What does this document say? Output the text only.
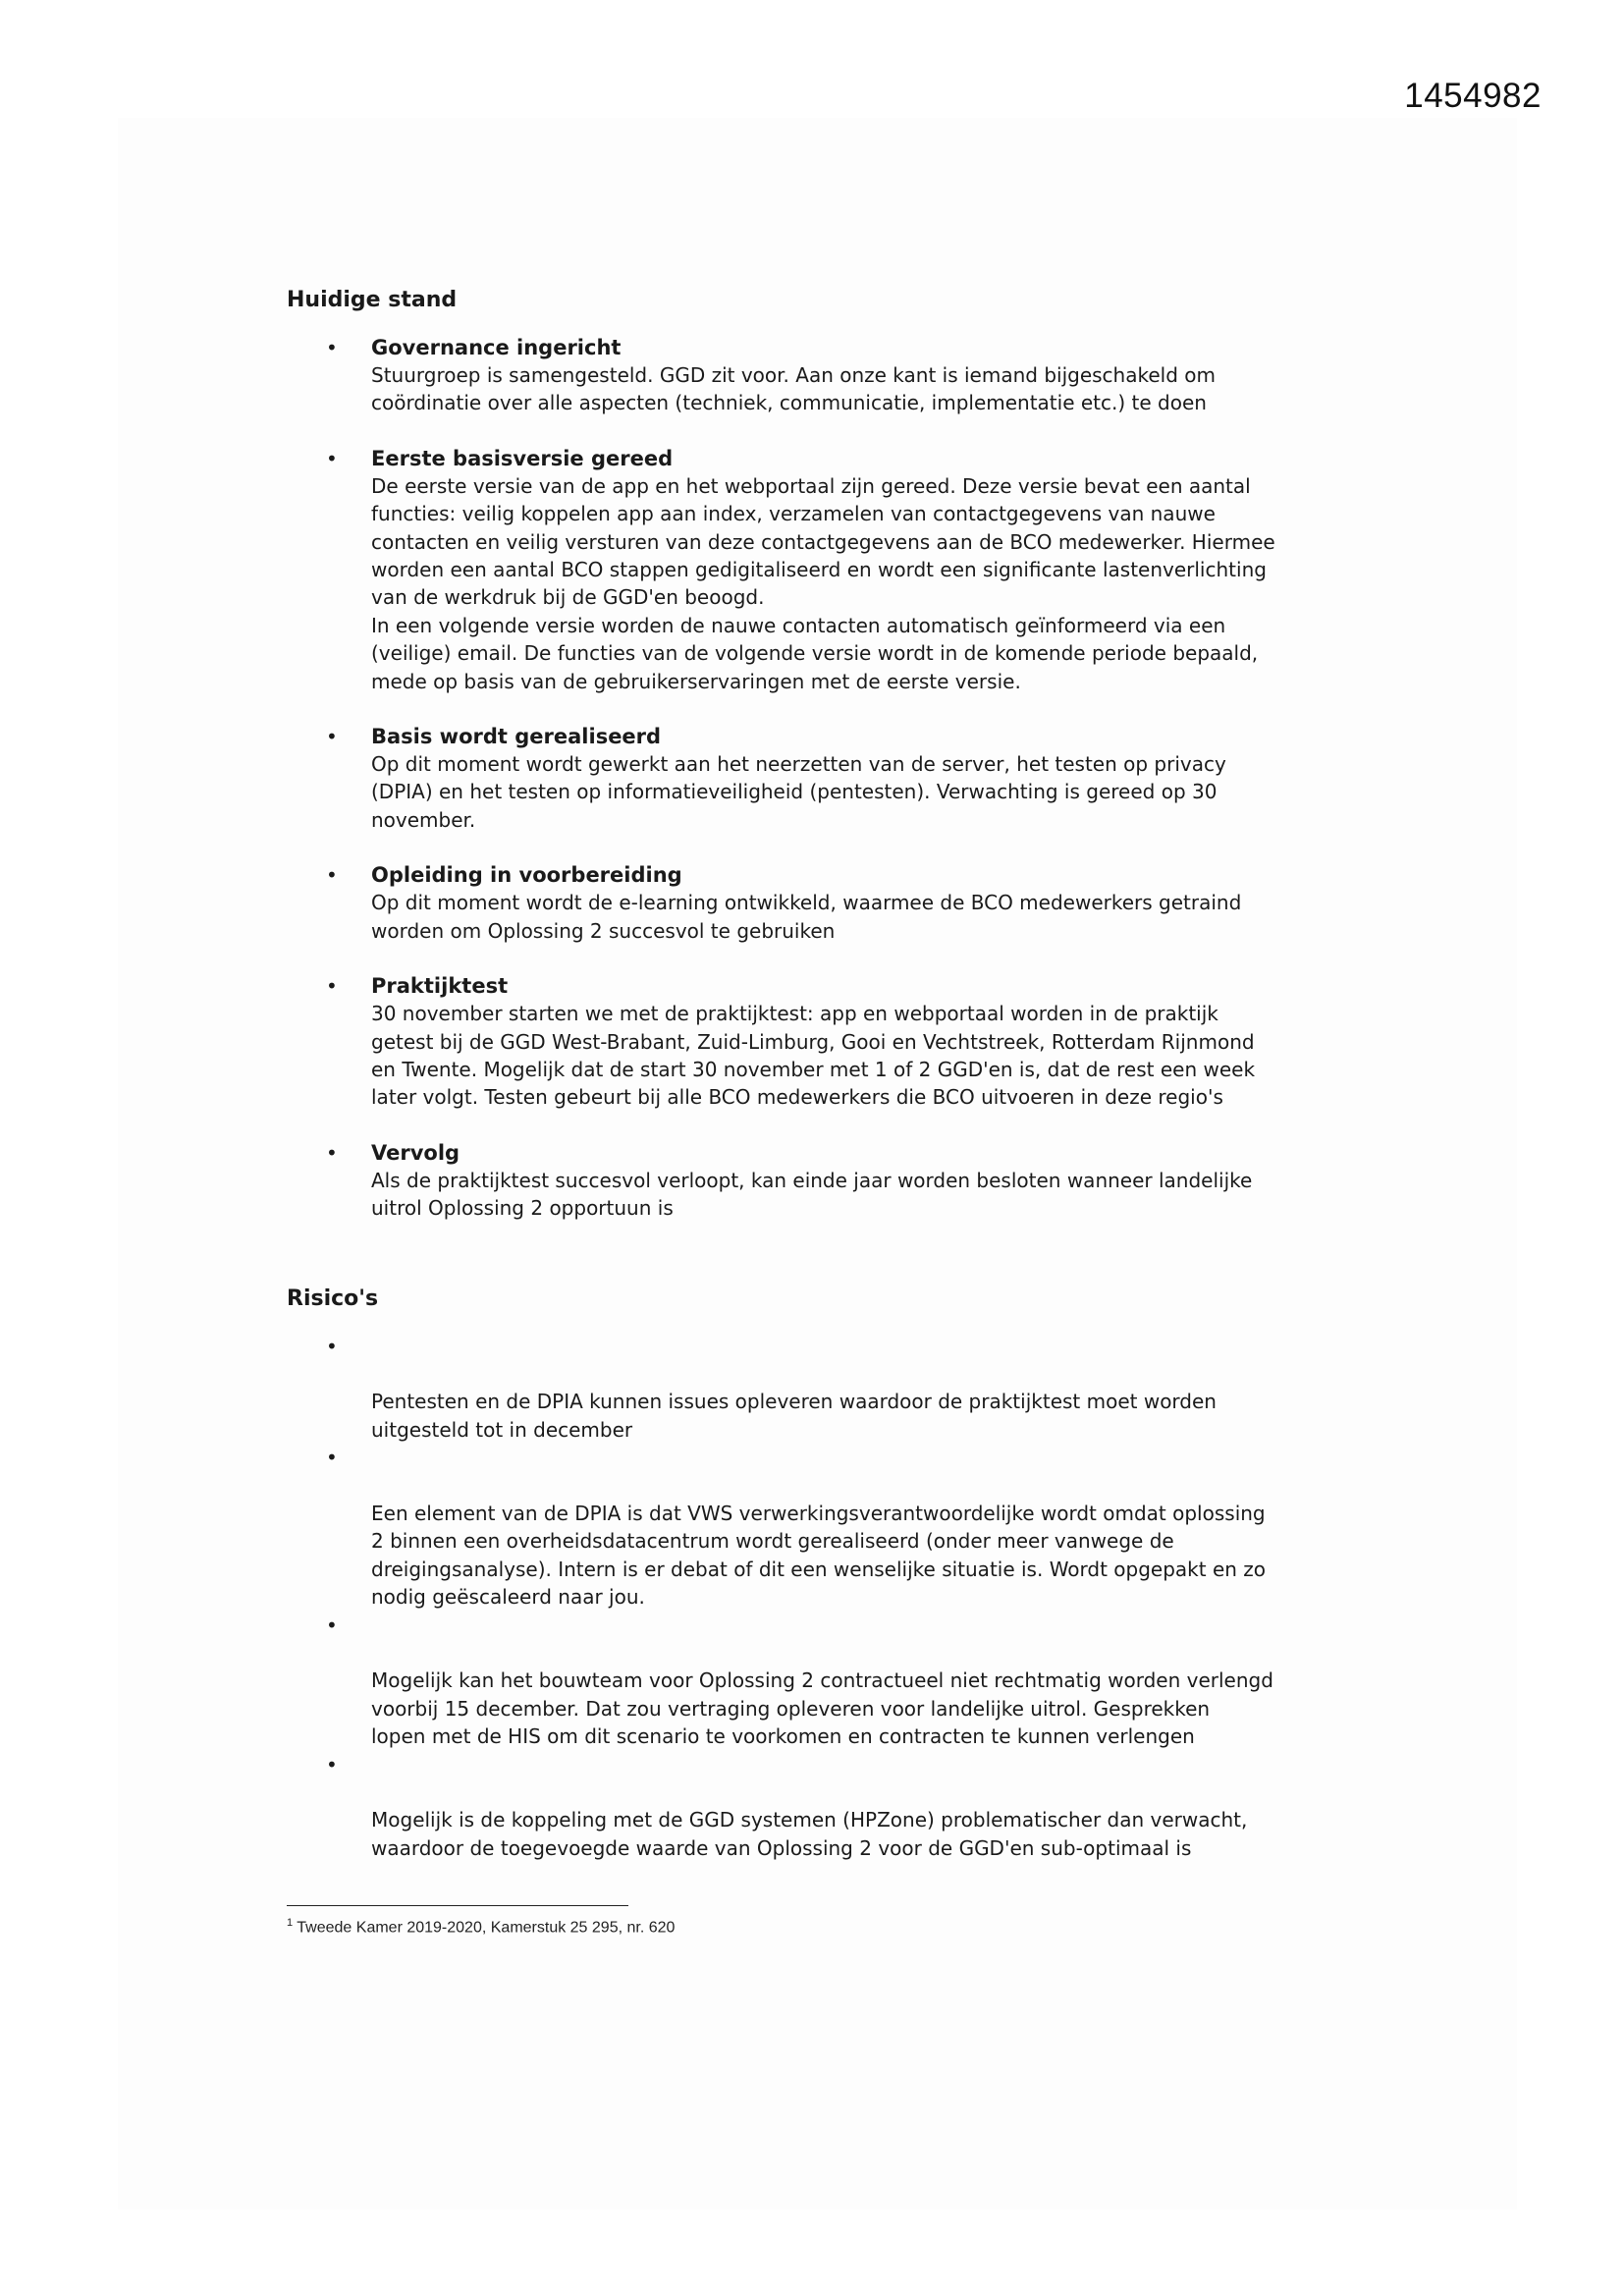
1454982
Huidige stand
• Governance ingericht
Stuurgroep is samengesteld. GGD zit voor. Aan onze kant is iemand bijgeschakeld om
coördinatie over alle aspecten (techniek, communicatie, implementatie etc.) te doen
• Eerste basisversie gereed
De eerste versie van de app en het webportaal zijn gereed. Deze versie bevat een aantal
functies: veilig koppelen app aan index, verzamelen van contactgegevens van nauwe
contacten en veilig versturen van deze contactgegevens aan de BCO medewerker. Hiermee
worden een aantal BCO stappen gedigitaliseerd en wordt een significante lastenverlichting
van de werkdruk bij de GGD'en beoogd.
In een volgende versie worden de nauwe contacten automatisch geïnformeerd via een
(veilige) email. De functies van de volgende versie wordt in de komende periode bepaald,
mede op basis van de gebruikerservaringen met de eerste versie.
• Basis wordt gerealiseerd
Op dit moment wordt gewerkt aan het neerzetten van de server, het testen op privacy
(DPIA) en het testen op informatieveiligheid (pentesten). Verwachting is gereed op 30
november.
• Opleiding in voorbereiding
Op dit moment wordt de e-learning ontwikkeld, waarmee de BCO medewerkers getraind
worden om Oplossing 2 succesvol te gebruiken
• Praktijktest
30 november starten we met de praktijktest: app en webportaal worden in de praktijk
getest bij de GGD West-Brabant, Zuid-Limburg, Gooi en Vechtstreek, Rotterdam Rijnmond
en Twente. Mogelijk dat de start 30 november met 1 of 2 GGD'en is, dat de rest een week
later volgt. Testen gebeurt bij alle BCO medewerkers die BCO uitvoeren in deze regio's
• Vervolg
Als de praktijktest succesvol verloopt, kan einde jaar worden besloten wanneer landelijke
uitrol Oplossing 2 opportuun is
Risico's

•

Pentesten en de DPIA kunnen issues opleveren waardoor de praktijktest moet worden
uitgesteld tot in december

•

Een element van de DPIA is dat VWS verwerkingsverantwoordelijke wordt omdat oplossing
2 binnen een overheidsdatacentrum wordt gerealiseerd (onder meer vanwege de
dreigingsanalyse). Intern is er debat of dit een wenselijke situatie is. Wordt opgepakt en zo
nodig geëscaleerd naar jou.

•

Mogelijk kan het bouwteam voor Oplossing 2 contractueel niet rechtmatig worden verlengd
voorbij 15 december. Dat zou vertraging opleveren voor landelijke uitrol. Gesprekken
lopen met de HIS om dit scenario te voorkomen en contracten te kunnen verlengen

•

Mogelijk is de koppeling met de GGD systemen (HPZone) problematischer dan verwacht,
waardoor de toegevoegde waarde van Oplossing 2 voor de GGD'en sub-optimaal is

$^1$ Tweede Kamer 2019-2020, Kamerstuk 25 295, nr. 620
